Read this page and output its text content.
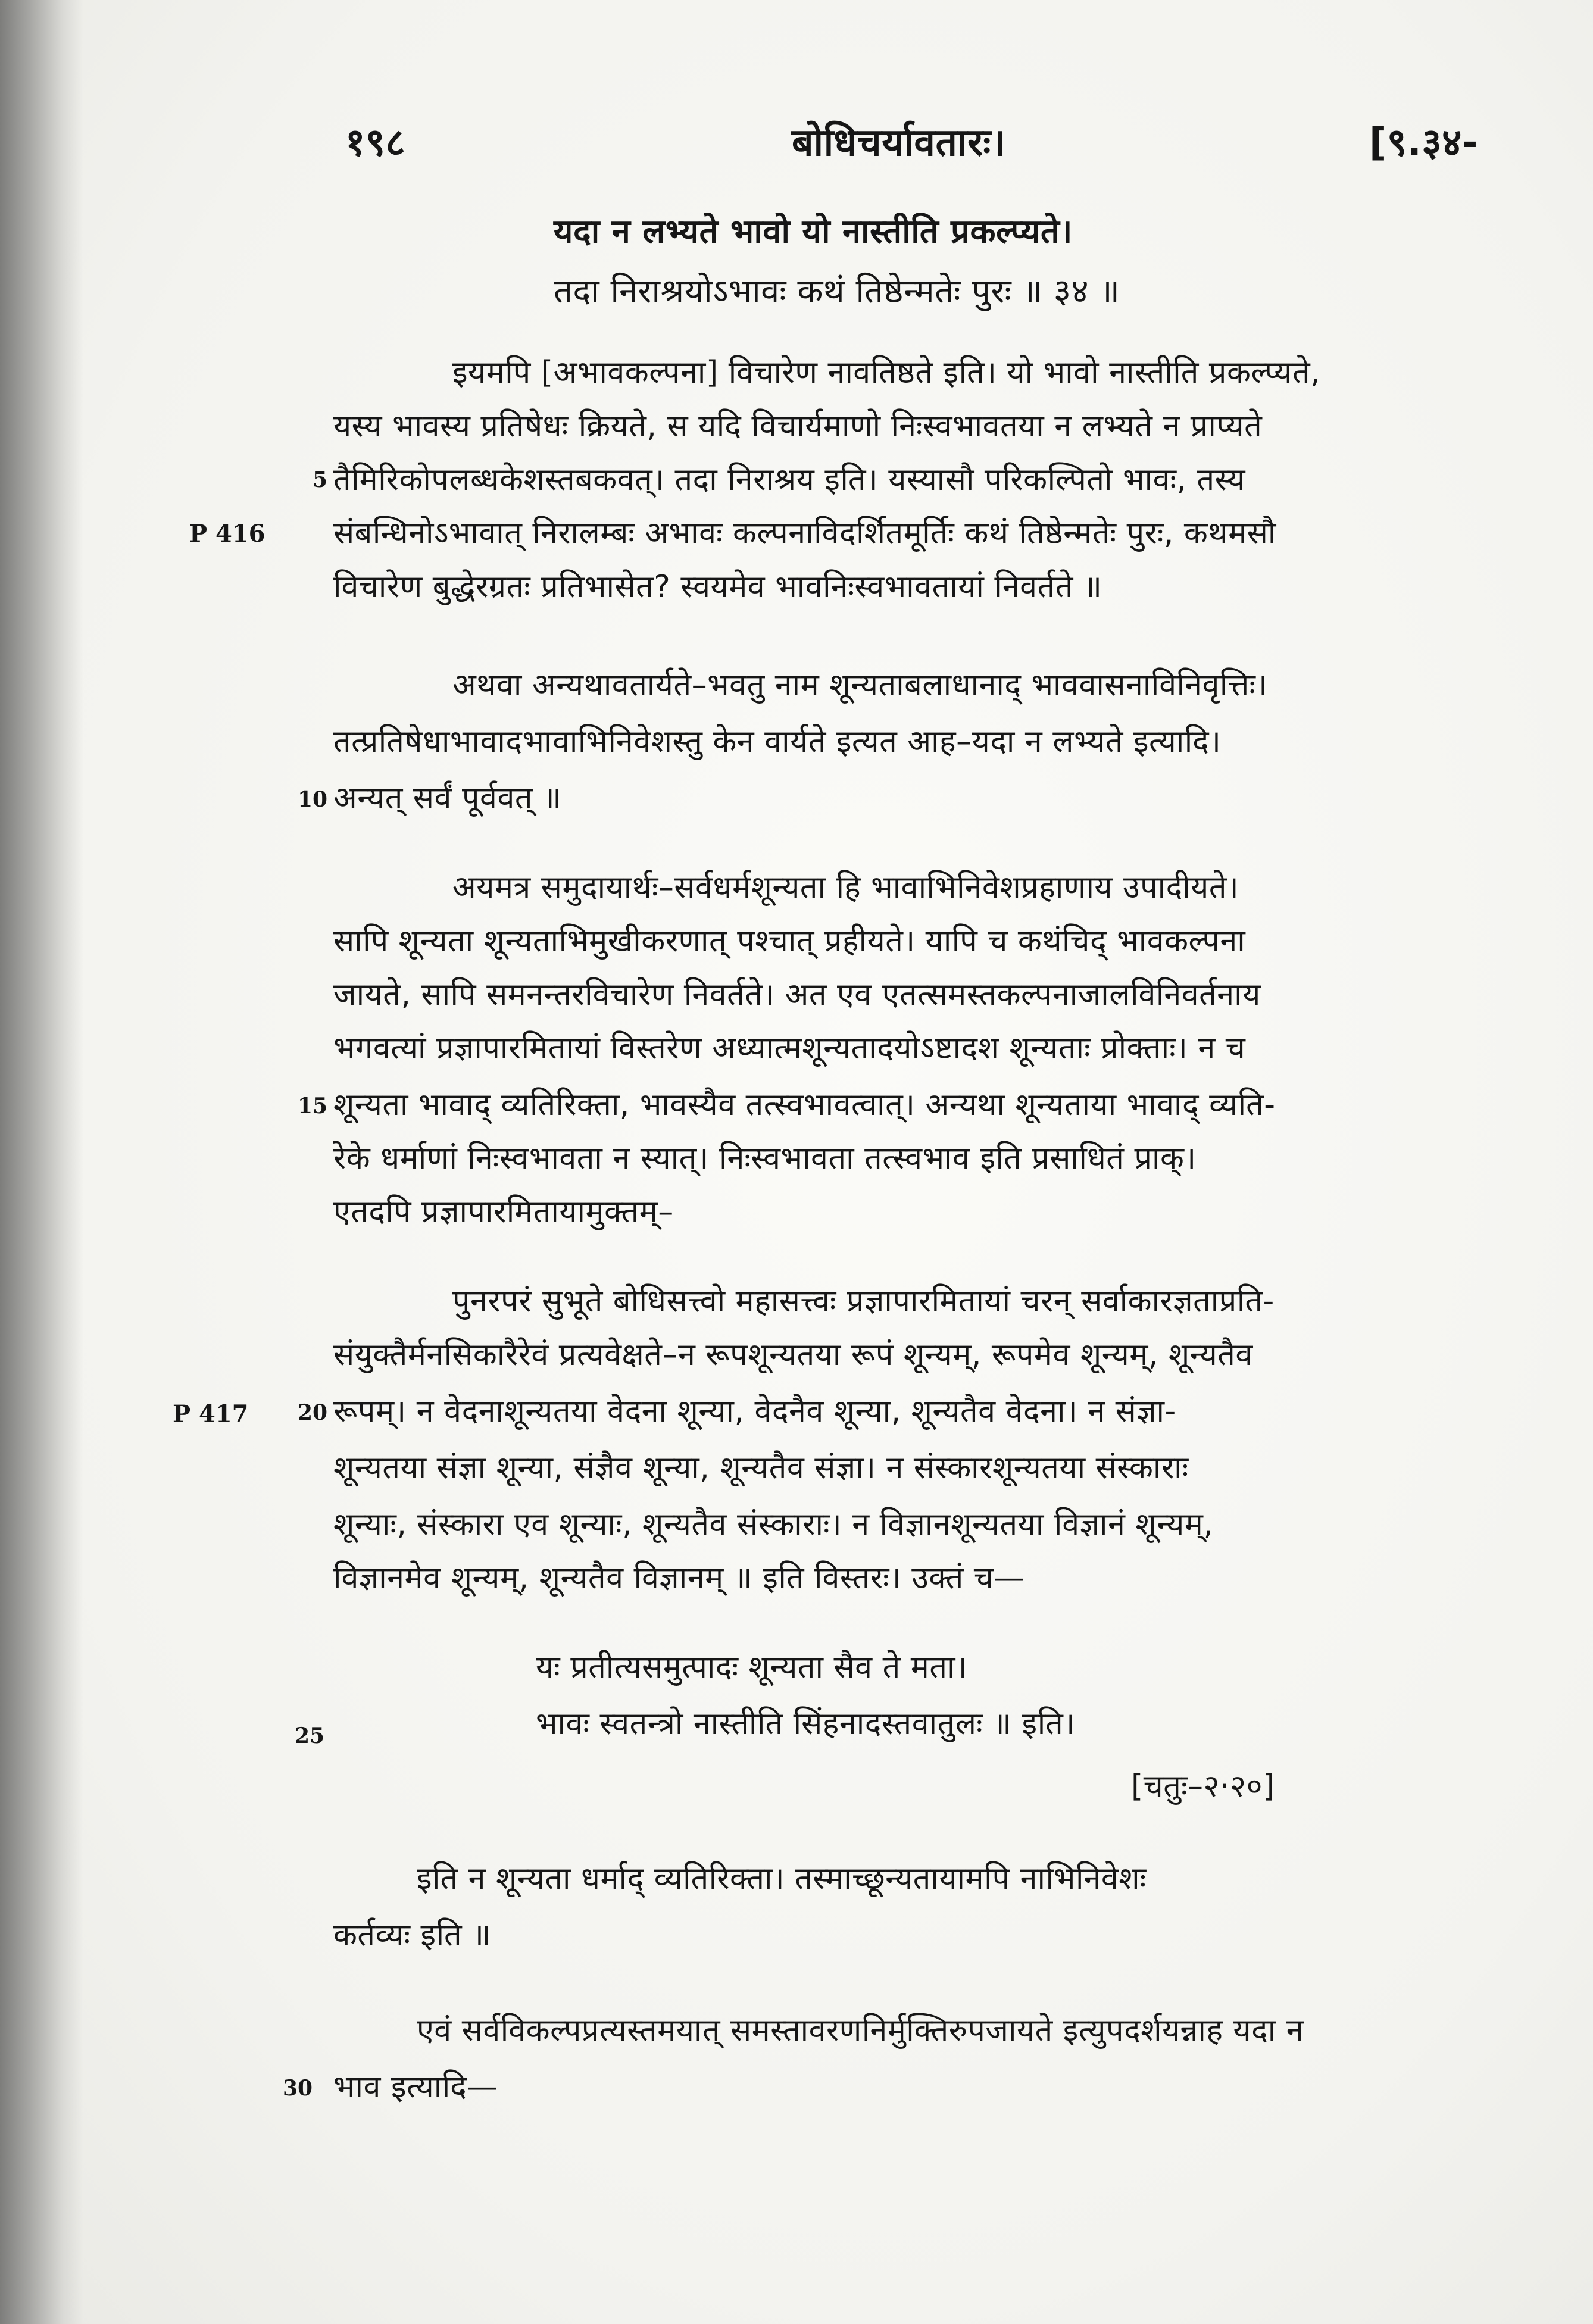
१९८	बोधिचर्यावतारः।	[९.३४-
यदा न लभ्यते भावो यो नास्तीति प्रकल्प्यते।
तदा निराश्रयोऽभावः कथं तिष्ठेन्मतेः पुरः ॥ ३४ ॥
इयमपि [अभावकल्पना] विचारेण नावतिष्ठते इति। यो भावो नास्तीति प्रकल्प्यते,
यस्य भावस्य प्रतिषेधः क्रियते, स यदि विचार्यमाणो निःस्वभावतया न लभ्यते न प्राप्यते
तैमिरिकोपलब्धकेशस्तबकवत्। तदा निराश्रय इति। यस्यासौ परिकल्पितो भावः, तस्य
संबन्धिनोऽभावात् निरालम्बः अभावः कल्पनाविदर्शितमूर्तिः कथं तिष्ठेन्मतेः पुरः, कथमसौ
विचारेण बुद्धेरग्रतः प्रतिभासेत? स्वयमेव भावनिःस्वभावतायां निवर्तते ॥
अथवा अन्यथावतार्यते–भवतु नाम शून्यताबलाधानाद् भाववासनाविनिवृत्तिः।
तत्प्रतिषेधाभावादभावाभिनिवेशस्तु केन वार्यते इत्यत आह–यदा न लभ्यते इत्यादि।
अन्यत् सर्वं पूर्ववत् ॥
अयमत्र समुदायार्थः–सर्वधर्मशून्यता हि भावाभिनिवेशप्रहाणाय उपादीयते।
सापि शून्यता शून्यताभिमुखीकरणात् पश्चात् प्रहीयते। यापि च कथंचिद् भावकल्पना
जायते, सापि समनन्तरविचारेण निवर्तते। अत एव एतत्समस्तकल्पनाजालविनिवर्तनाय
भगवत्यां प्रज्ञापारमितायां विस्तरेण अध्यात्मशून्यतादयोऽष्टादश शून्यताः प्रोक्ताः। न च
शून्यता भावाद् व्यतिरिक्ता, भावस्यैव तत्स्वभावत्वात्। अन्यथा शून्यताया भावाद् व्यति-
रेके धर्माणां निःस्वभावता न स्यात्। निःस्वभावता तत्स्वभाव इति प्रसाधितं प्राक्।
एतदपि प्रज्ञापारमितायामुक्तम्–
पुनरपरं सुभूते बोधिसत्त्वो महासत्त्वः प्रज्ञापारमितायां चरन् सर्वाकारज्ञताप्रति-
संयुक्तैर्मनसिकारैरेवं प्रत्यवेक्षते–न रूपशून्यतया रूपं शून्यम्, रूपमेव शून्यम्, शून्यतैव
रूपम्। न वेदनाशून्यतया वेदना शून्या, वेदनैव शून्या, शून्यतैव वेदना। न संज्ञा-
शून्यतया संज्ञा शून्या, संज्ञैव शून्या, शून्यतैव संज्ञा। न संस्कारशून्यतया संस्काराः
शून्याः, संस्कारा एव शून्याः, शून्यतैव संस्काराः। न विज्ञानशून्यतया विज्ञानं शून्यम्,
विज्ञानमेव शून्यम्, शून्यतैव विज्ञानम् ॥ इति विस्तरः। उक्तं च—
यः प्रतीत्यसमुत्पादः शून्यता सैव ते मता।
भावः स्वतन्त्रो नास्तीति सिंहनादस्तवातुलः ॥ इति।
[चतुः–२·२०]
इति न शून्यता धर्माद् व्यतिरिक्ता। तस्माच्छून्यतायामपि नाभिनिवेशः
कर्तव्यः इति ॥
एवं सर्वविकल्पप्रत्यस्तमयात् समस्तावरणनिर्मुक्तिरुपजायते इत्युपदर्शयन्नाह यदा न
भाव इत्यादि—
5
10
15
20
25
30
P 416
P 417
